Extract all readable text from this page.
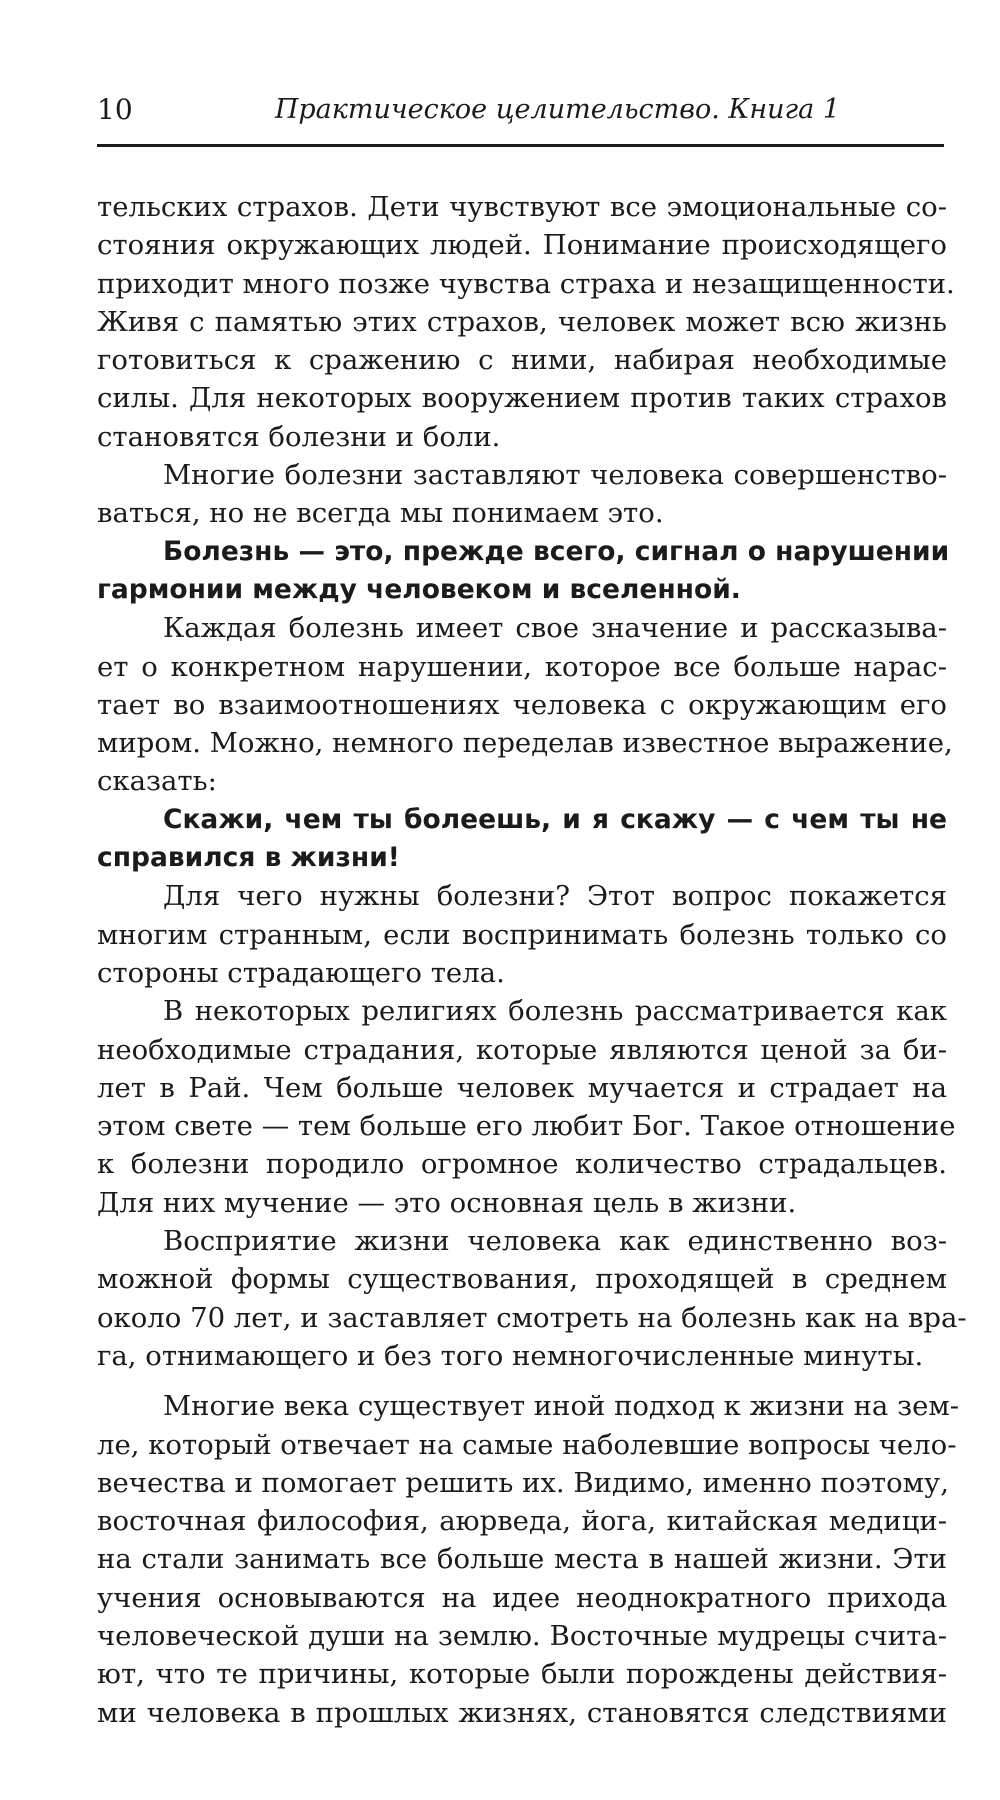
10	Практическое целительство. Книга 1
тельских страхов. Дети чувствуют все эмоциональные со-
стояния окружающих людей. Понимание происходящего
приходит много позже чувства страха и незащищенности.
Живя с памятью этих страхов, человек может всю жизнь
готовиться к сражению с ними, набирая необходимые
силы. Для некоторых вооружением против таких страхов
становятся болезни и боли.
Многие болезни заставляют человека совершенство-
ваться, но не всегда мы понимаем это.
Болезнь — это, прежде всего, сигнал о нарушении
гармонии между человеком и вселенной.
Каждая болезнь имеет свое значение и рассказыва-
ет о конкретном нарушении, которое все больше нарас-
тает во взаимоотношениях человека с окружающим его
миром. Можно, немного переделав известное выражение,
сказать:
Скажи, чем ты болеешь, и я скажу — с чем ты не
справился в жизни!
Для чего нужны болезни? Этот вопрос покажется
многим странным, если воспринимать болезнь только со
стороны страдающего тела.
В некоторых религиях болезнь рассматривается как
необходимые страдания, которые являются ценой за би-
лет в Рай. Чем больше человек мучается и страдает на
этом свете — тем больше его любит Бог. Такое отношение
к болезни породило огромное количество страдальцев.
Для них мучение — это основная цель в жизни.
Восприятие жизни человека как единственно воз-
можной формы существования, проходящей в среднем
около 70 лет, и заставляет смотреть на болезнь как на вра-
га, отнимающего и без того немногочисленные минуты.
Многие века существует иной подход к жизни на зем-
ле, который отвечает на самые наболевшие вопросы чело-
вечества и помогает решить их. Видимо, именно поэтому,
восточная философия, аюрведа, йога, китайская медици-
на стали занимать все больше места в нашей жизни. Эти
учения основываются на идее неоднократного прихода
человеческой души на землю. Восточные мудрецы счита-
ют, что те причины, которые были порождены действия-
ми человека в прошлых жизнях, становятся следствиями
